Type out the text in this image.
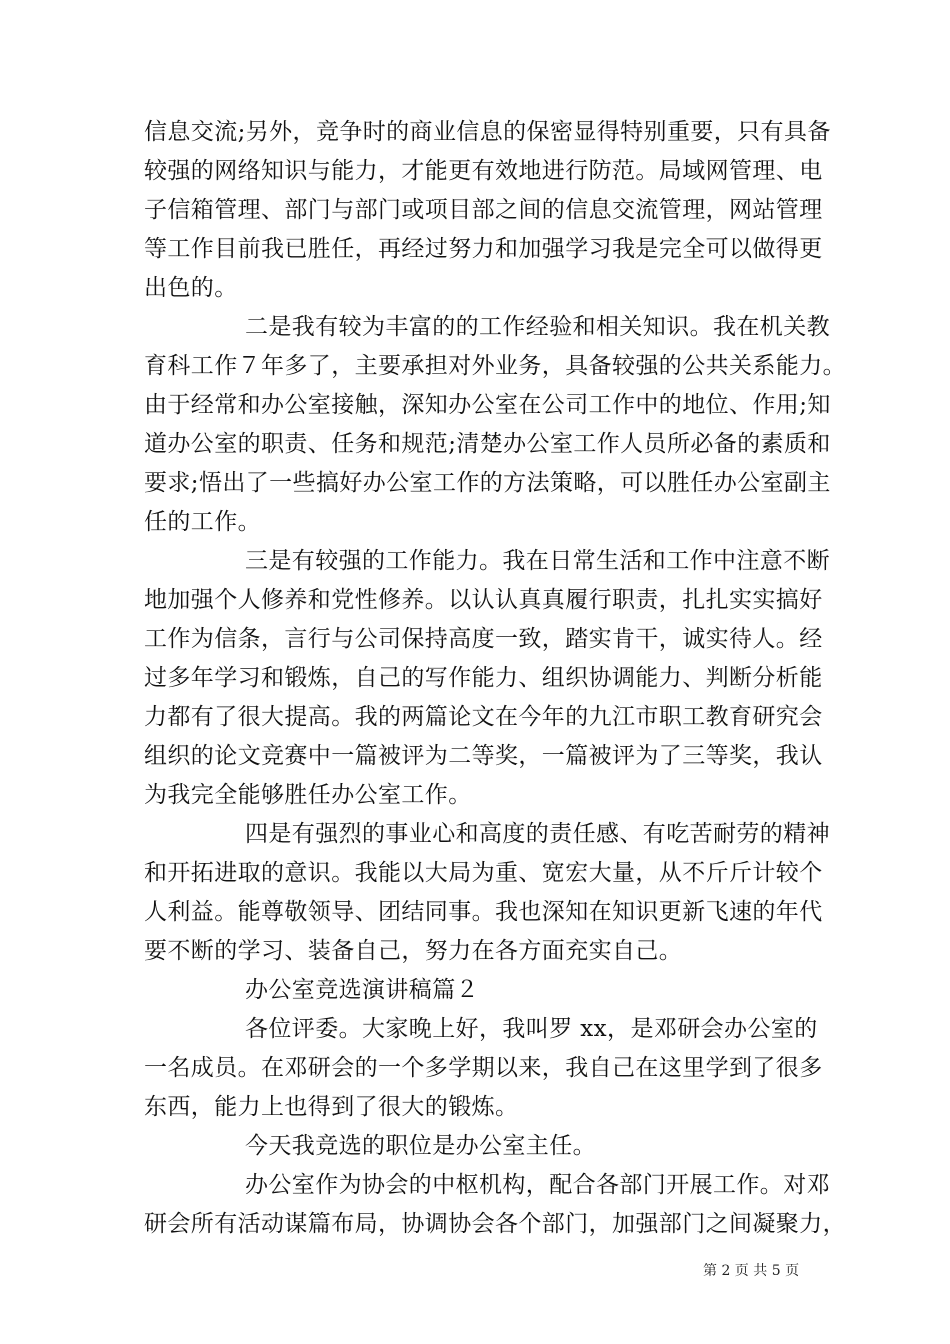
信息交流;另外，竞争时的商业信息的保密显得特别重要，只有具备
较强的网络知识与能力，才能更有效地进行防范。局域网管理、电
子信箱管理、部门与部门或项目部之间的信息交流管理，网站管理
等工作目前我已胜任，再经过努力和加强学习我是完全可以做得更
出色的。
二是我有较为丰富的的工作经验和相关知识。我在机关教
育科工作７年多了，主要承担对外业务，具备较强的公共关系能力。
由于经常和办公室接触，深知办公室在公司工作中的地位、作用;知
道办公室的职责、任务和规范;清楚办公室工作人员所必备的素质和
要求;悟出了一些搞好办公室工作的方法策略，可以胜任办公室副主
任的工作。
三是有较强的工作能力。我在日常生活和工作中注意不断
地加强个人修养和党性修养。以认认真真履行职责，扎扎实实搞好
工作为信条，言行与公司保持高度一致，踏实肯干，诚实待人。经
过多年学习和锻炼，自己的写作能力、组织协调能力、判断分析能
力都有了很大提高。我的两篇论文在今年的九江市职工教育研究会
组织的论文竞赛中一篇被评为二等奖，一篇被评为了三等奖，我认
为我完全能够胜任办公室工作。
四是有强烈的事业心和高度的责任感、有吃苦耐劳的精神
和开拓进取的意识。我能以大局为重、宽宏大量，从不斤斤计较个
人利益。能尊敬领导、团结同事。我也深知在知识更新飞速的年代
要不断的学习、装备自己，努力在各方面充实自己。
办公室竞选演讲稿篇２
各位评委。大家晚上好，我叫罗 xx，是邓研会办公室的
一名成员。在邓研会的一个多学期以来，我自己在这里学到了很多
东西，能力上也得到了很大的锻炼。
今天我竞选的职位是办公室主任。
办公室作为协会的中枢机构，配合各部门开展工作。对邓
研会所有活动谋篇布局，协调协会各个部门，加强部门之间凝聚力，
第 2 页 共 5 页
